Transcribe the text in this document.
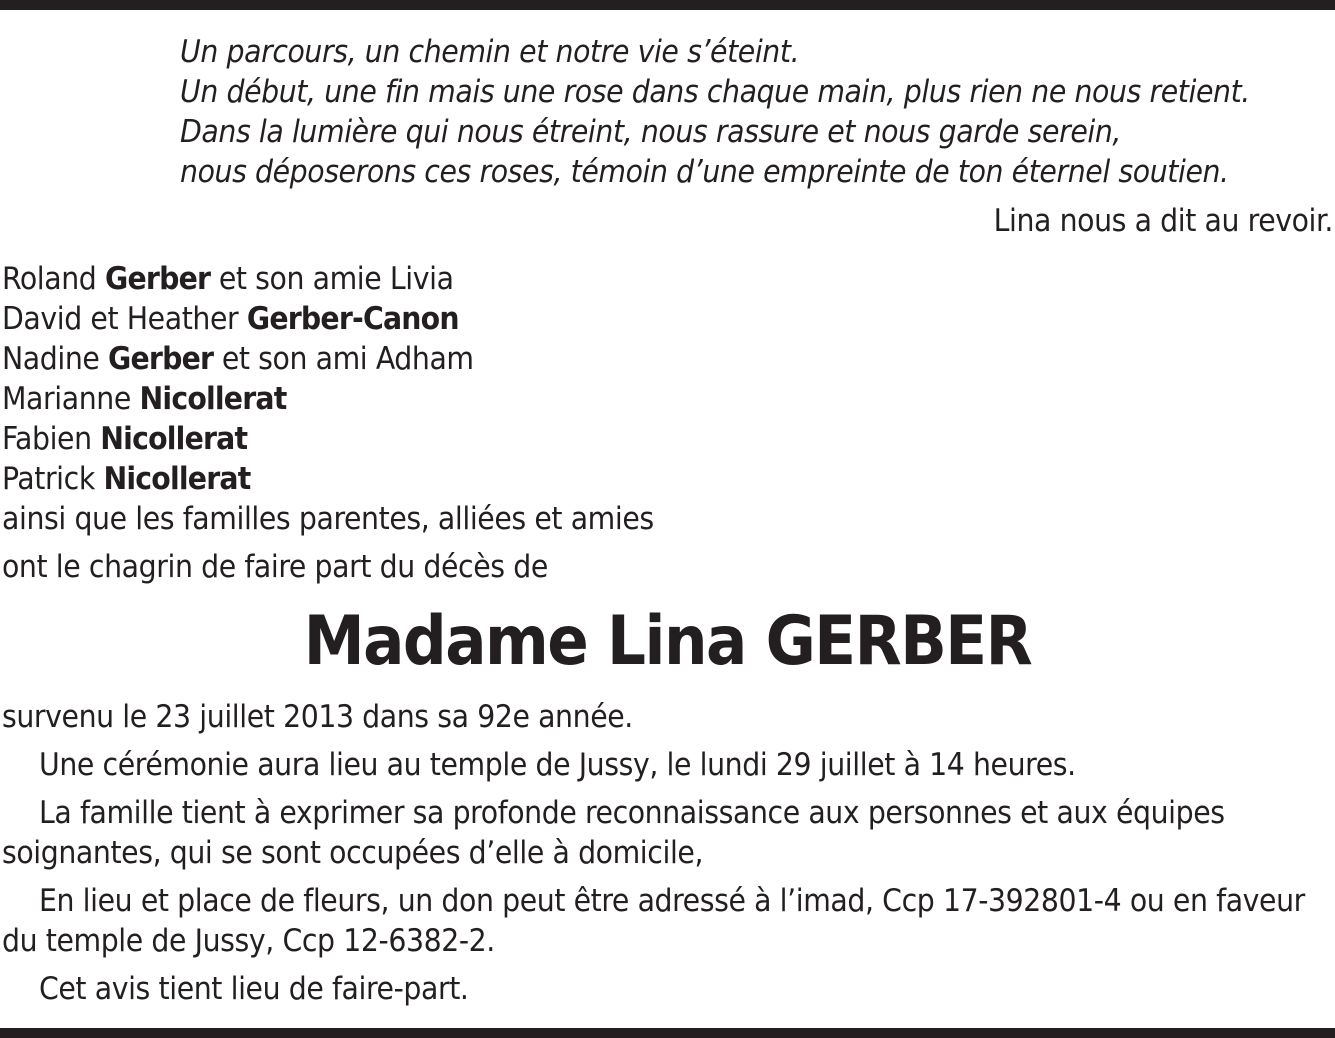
Un parcours, un chemin et notre vie s’éteint.
Un début, une fin mais une rose dans chaque main, plus rien ne nous retient.
Dans la lumière qui nous étreint, nous rassure et nous garde serein,
nous déposerons ces roses, témoin d’une empreinte de ton éternel soutien.
Lina nous a dit au revoir.
Roland Gerber et son amie Livia
David et Heather Gerber-Canon
Nadine Gerber et son ami Adham
Marianne Nicollerat
Fabien Nicollerat
Patrick Nicollerat
ainsi que les familles parentes, alliées et amies
ont le chagrin de faire part du décès de
Madame Lina GERBER
survenu le 23 juillet 2013 dans sa 92e année.
Une cérémonie aura lieu au temple de Jussy, le lundi 29 juillet à 14 heures.
La famille tient à exprimer sa profonde reconnaissance aux personnes et aux équipes soignantes, qui se sont occupées d’elle à domicile,
En lieu et place de fleurs, un don peut être adressé à l’imad, Ccp 17-392801-4 ou en faveur du temple de Jussy, Ccp 12-6382-2.
Cet avis tient lieu de faire-part.
